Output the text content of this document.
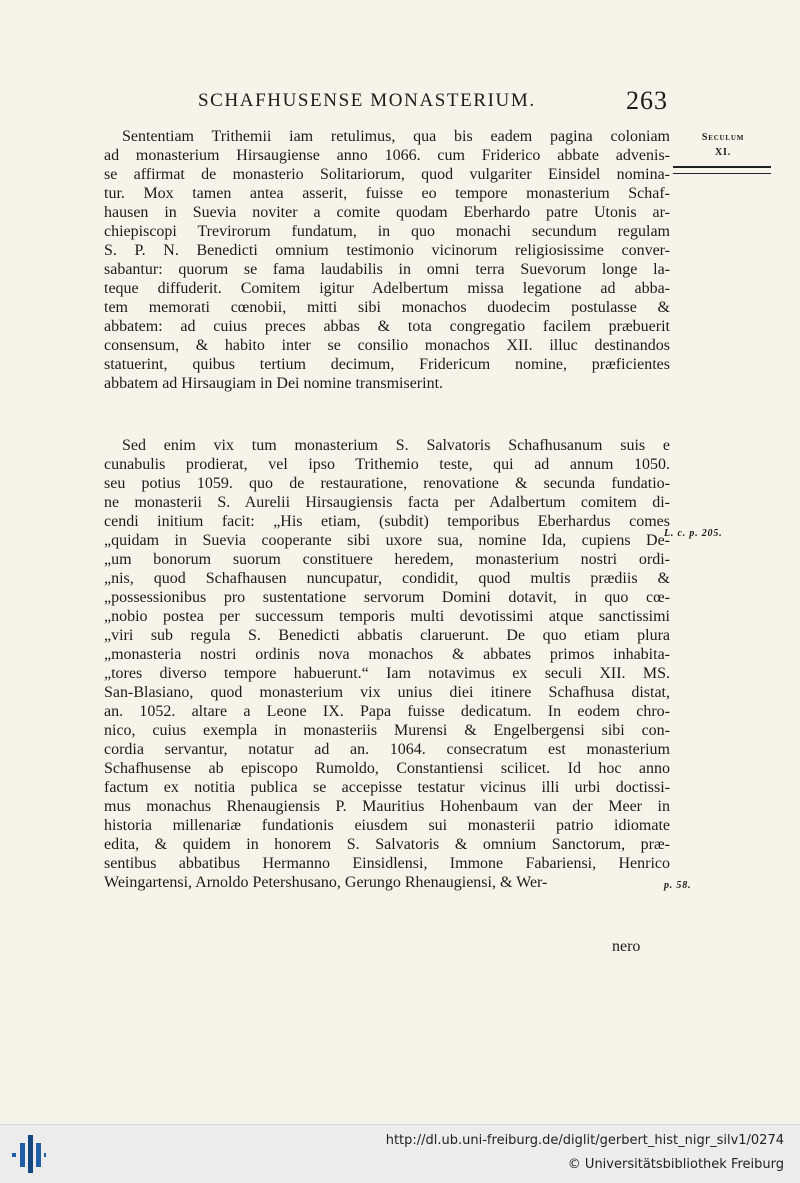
SCHAFHUSENSE MONASTERIUM.	263
Seculum
XI.
L. c. p. 205.
p. 58.
Sententiam Trithemii iam retulimus, qua bis eadem pagina coloniam
ad monasterium Hirsaugiense anno 1066. cum Friderico abbate advenis-
se affirmat de monasterio Solitariorum, quod vulgariter Einsidel nomina-
tur. Mox tamen antea asserit, fuisse eo tempore monasterium Schaf-
hausen in Suevia noviter a comite quodam Eberhardo patre Utonis ar-
chiepiscopi Trevirorum fundatum, in quo monachi secundum regulam
S. P. N. Benedicti omnium testimonio vicinorum religiosissime conver-
sabantur: quorum se fama laudabilis in omni terra Suevorum longe la-
teque diffuderit. Comitem igitur Adelbertum missa legatione ad abba-
tem memorati cœnobii, mitti sibi monachos duodecim postulasse &
abbatem: ad cuius preces abbas & tota congregatio facilem præbuerit
consensum, & habito inter se consilio monachos XII. illuc destinandos
statuerint, quibus tertium decimum, Fridericum nomine, præficientes
abbatem ad Hirsaugiam in Dei nomine transmiserint.
Sed enim vix tum monasterium S. Salvatoris Schafhusanum suis e
cunabulis prodierat, vel ipso Trithemio teste, qui ad annum 1050.
seu potius 1059. quo de restauratione, renovatione & secunda fundatio-
ne monasterii S. Aurelii Hirsaugiensis facta per Adalbertum comitem di-
cendi initium facit: „His etiam, (subdit) temporibus Eberhardus comes
„quidam in Suevia cooperante sibi uxore sua, nomine Ida, cupiens De-
„um bonorum suorum constituere heredem, monasterium nostri ordi-
„nis, quod Schafhausen nuncupatur, condidit, quod multis prædiis &
„possessionibus pro sustentatione servorum Domini dotavit, in quo cœ-
„nobio postea per successum temporis multi devotissimi atque sanctissimi
„viri sub regula S. Benedicti abbatis claruerunt. De quo etiam plura
„monasteria nostri ordinis nova monachos & abbates primos inhabita-
„tores diverso tempore habuerunt.“ Iam notavimus ex seculi XII. MS.
San-Blasiano, quod monasterium vix unius diei itinere Schafhusa distat,
an. 1052. altare a Leone IX. Papa fuisse dedicatum. In eodem chro-
nico, cuius exempla in monasteriis Murensi & Engelbergensi sibi con-
cordia servantur, notatur ad an. 1064. consecratum est monasterium
Schafhusense ab episcopo Rumoldo, Constantiensi scilicet. Id hoc anno
factum ex notitia publica se accepisse testatur vicinus illi urbi doctissi-
mus monachus Rhenaugiensis P. Mauritius Hohenbaum van der Meer in
historia millenariæ fundationis eiusdem sui monasterii patrio idiomate
edita, & quidem in honorem S. Salvatoris & omnium Sanctorum, præ-
sentibus abbatibus Hermanno Einsidlensi, Immone Fabariensi, Henrico
Weingartensi, Arnoldo Petershusano, Gerungo Rhenaugiensi, & Wer-
nero
http://dl.ub.uni-freiburg.de/diglit/gerbert_hist_nigr_silv1/0274
© Universitätsbibliothek Freiburg
